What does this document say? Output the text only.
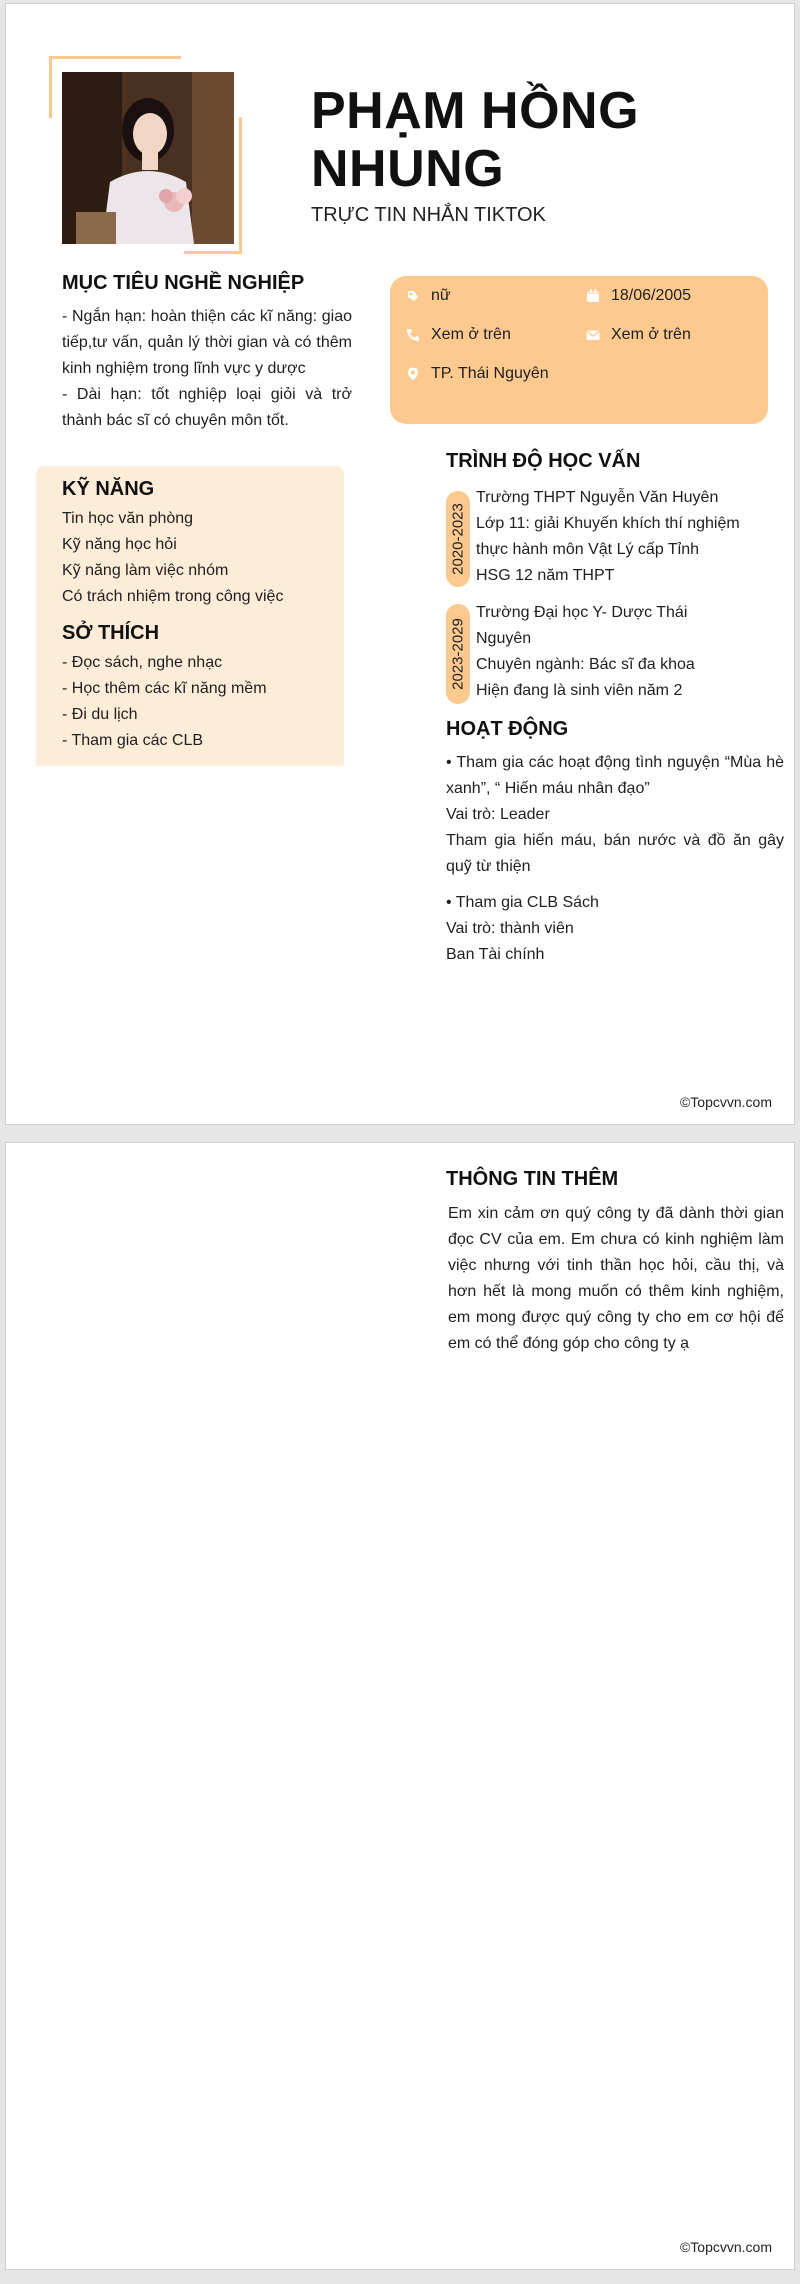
PHẠM HỒNG NHUNG
TRỰC TIN NHẮN TIKTOK
MỤC TIÊU NGHỀ NGHIỆP

- Ngắn hạn: hoàn thiện các kĩ năng: giao tiếp,tư vấn, quản lý thời gian và có thêm kinh nghiệm trong lĩnh vực y dược

- Dài hạn: tốt nghiệp loại giỏi và trở thành bác sĩ có chuyên môn tốt.

KỸ NĂNG
Tin học văn phòng
Kỹ năng học hỏi
Kỹ năng làm việc nhóm
Có trách nhiệm trong công việc
SỞ THÍCH
- Đọc sách, nghe nhạc
- Học thêm các kĩ năng mềm
- Đi du lịch
- Tham gia các CLB
nữ	18/06/2005
Xem ở trên	Xem ở trên
TP. Thái Nguyên
TRÌNH ĐỘ HỌC VẤN
2020-2023
Trường THPT Nguyễn Văn Huyên
Lớp 11: giải Khuyến khích thí nghiệm thực hành môn Vật Lý cấp Tỉnh
HSG 12 năm THPT
2023-2029
Trường Đại học Y- Dược Thái Nguyên
Chuyên ngành: Bác sĩ đa khoa
Hiện đang là sinh viên năm 2
HOẠT ĐỘNG
• Tham gia các hoạt động tình nguyện “Mùa hè xanh”, “ Hiến máu nhân đạo”
Vai trò: Leader
Tham gia hiến máu, bán nước và đồ ăn gây quỹ từ thiện
• Tham gia CLB Sách
Vai trò: thành viên
Ban Tài chính
©Topcvvn.com
THÔNG TIN THÊM
Em xin cảm ơn quý công ty đã dành thời gian đọc CV của em. Em chưa có kinh nghiệm làm việc nhưng với tinh thần học hỏi, cầu thị, và hơn hết là mong muốn có thêm kinh nghiệm, em mong được quý công ty cho em cơ hội để em có thể đóng góp cho công ty ạ
©Topcvvn.com
